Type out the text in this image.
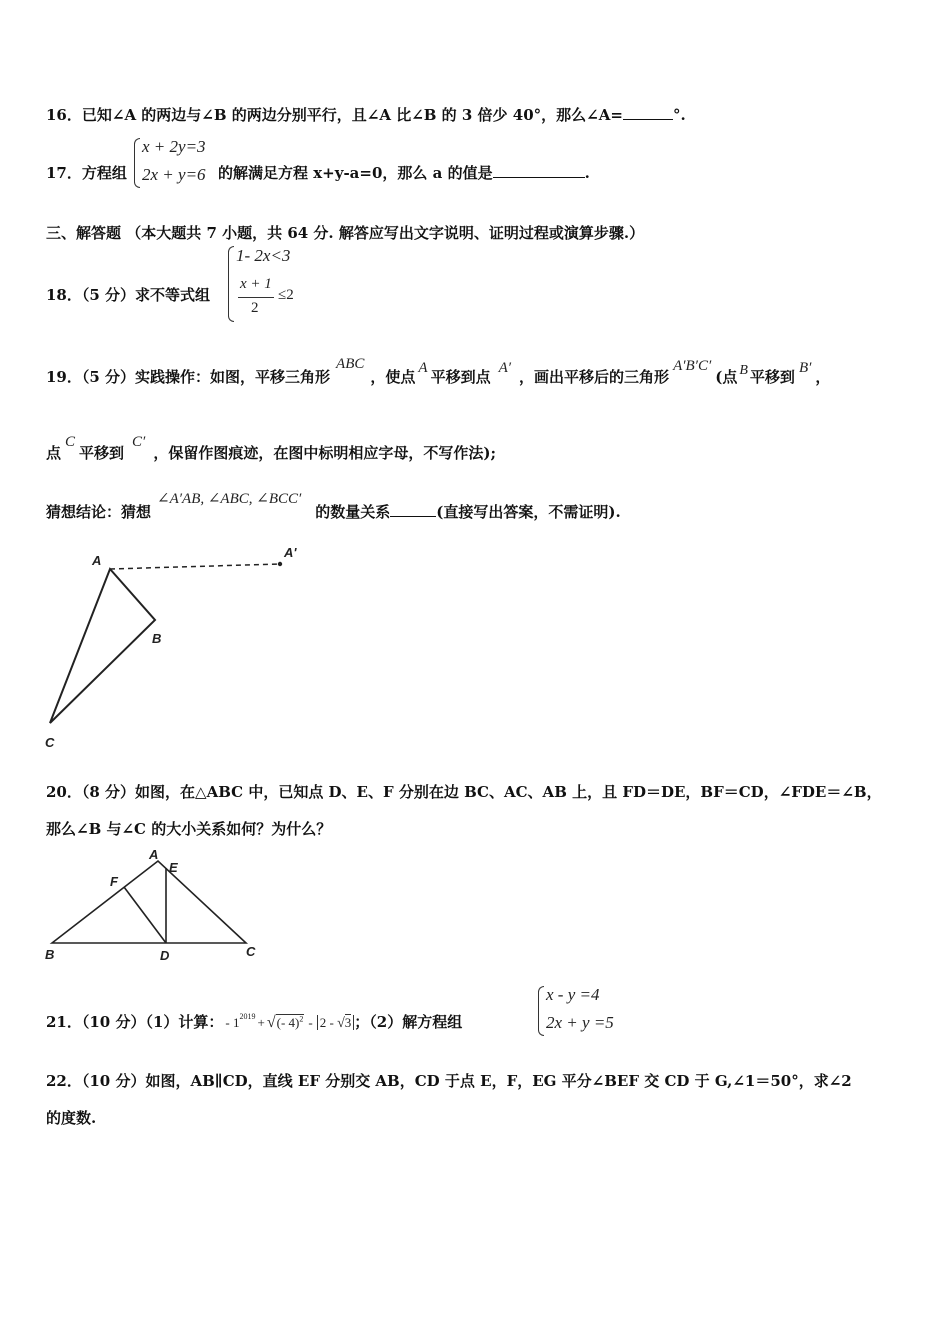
16．已知∠A 的两边与∠B 的两边分别平行，且∠A 比∠B 的 3 倍少 40°，那么∠A=	°.
17．方程组
x + 2y=3
2x + y=6 的解满足方程 x+y-a=0，那么 a 的值是	.
三、解答题 （本大题共 7 小题，共 64 分. 解答应写出文字说明、证明过程或演算步骤.）
18．（5 分）求不等式组
1- 2x<3
x + 1
2
≤2
19．（5 分）实践操作：如图，平移三角形ABC，使点 A 平移到点 A′ ，画出平移后的三角形A′B′C′(点 B 平移到 B′ ，
点C平移到C′，保留作图痕迹，在图中标明相应字母，不写作法);
猜想结论：猜想∠A′AB, ∠ABC, ∠BCC′的数量关系	(直接写出答案，不需证明).
A
A'
B
C
20．（8 分）如图，在△ABC 中，已知点 D、E、F 分别在边 BC、AC、AB 上，且 FD＝DE，BF＝CD，∠FDE＝∠B，
那么∠B 与∠C 的大小关系如何？为什么？
A
E
F
B	D	C
21．（10 分）（1）计算： - $1^{2019}$ + √(- 4)$^2$ - 2 - √3 ；（2）解方程组
x - y =4
2x + y =5
22．（10 分）如图，AB∥CD，直线 EF 分别交 AB，CD 于点 E，F，EG 平分∠BEF 交 CD 于 G,∠1＝50°，求∠2
的度数.
